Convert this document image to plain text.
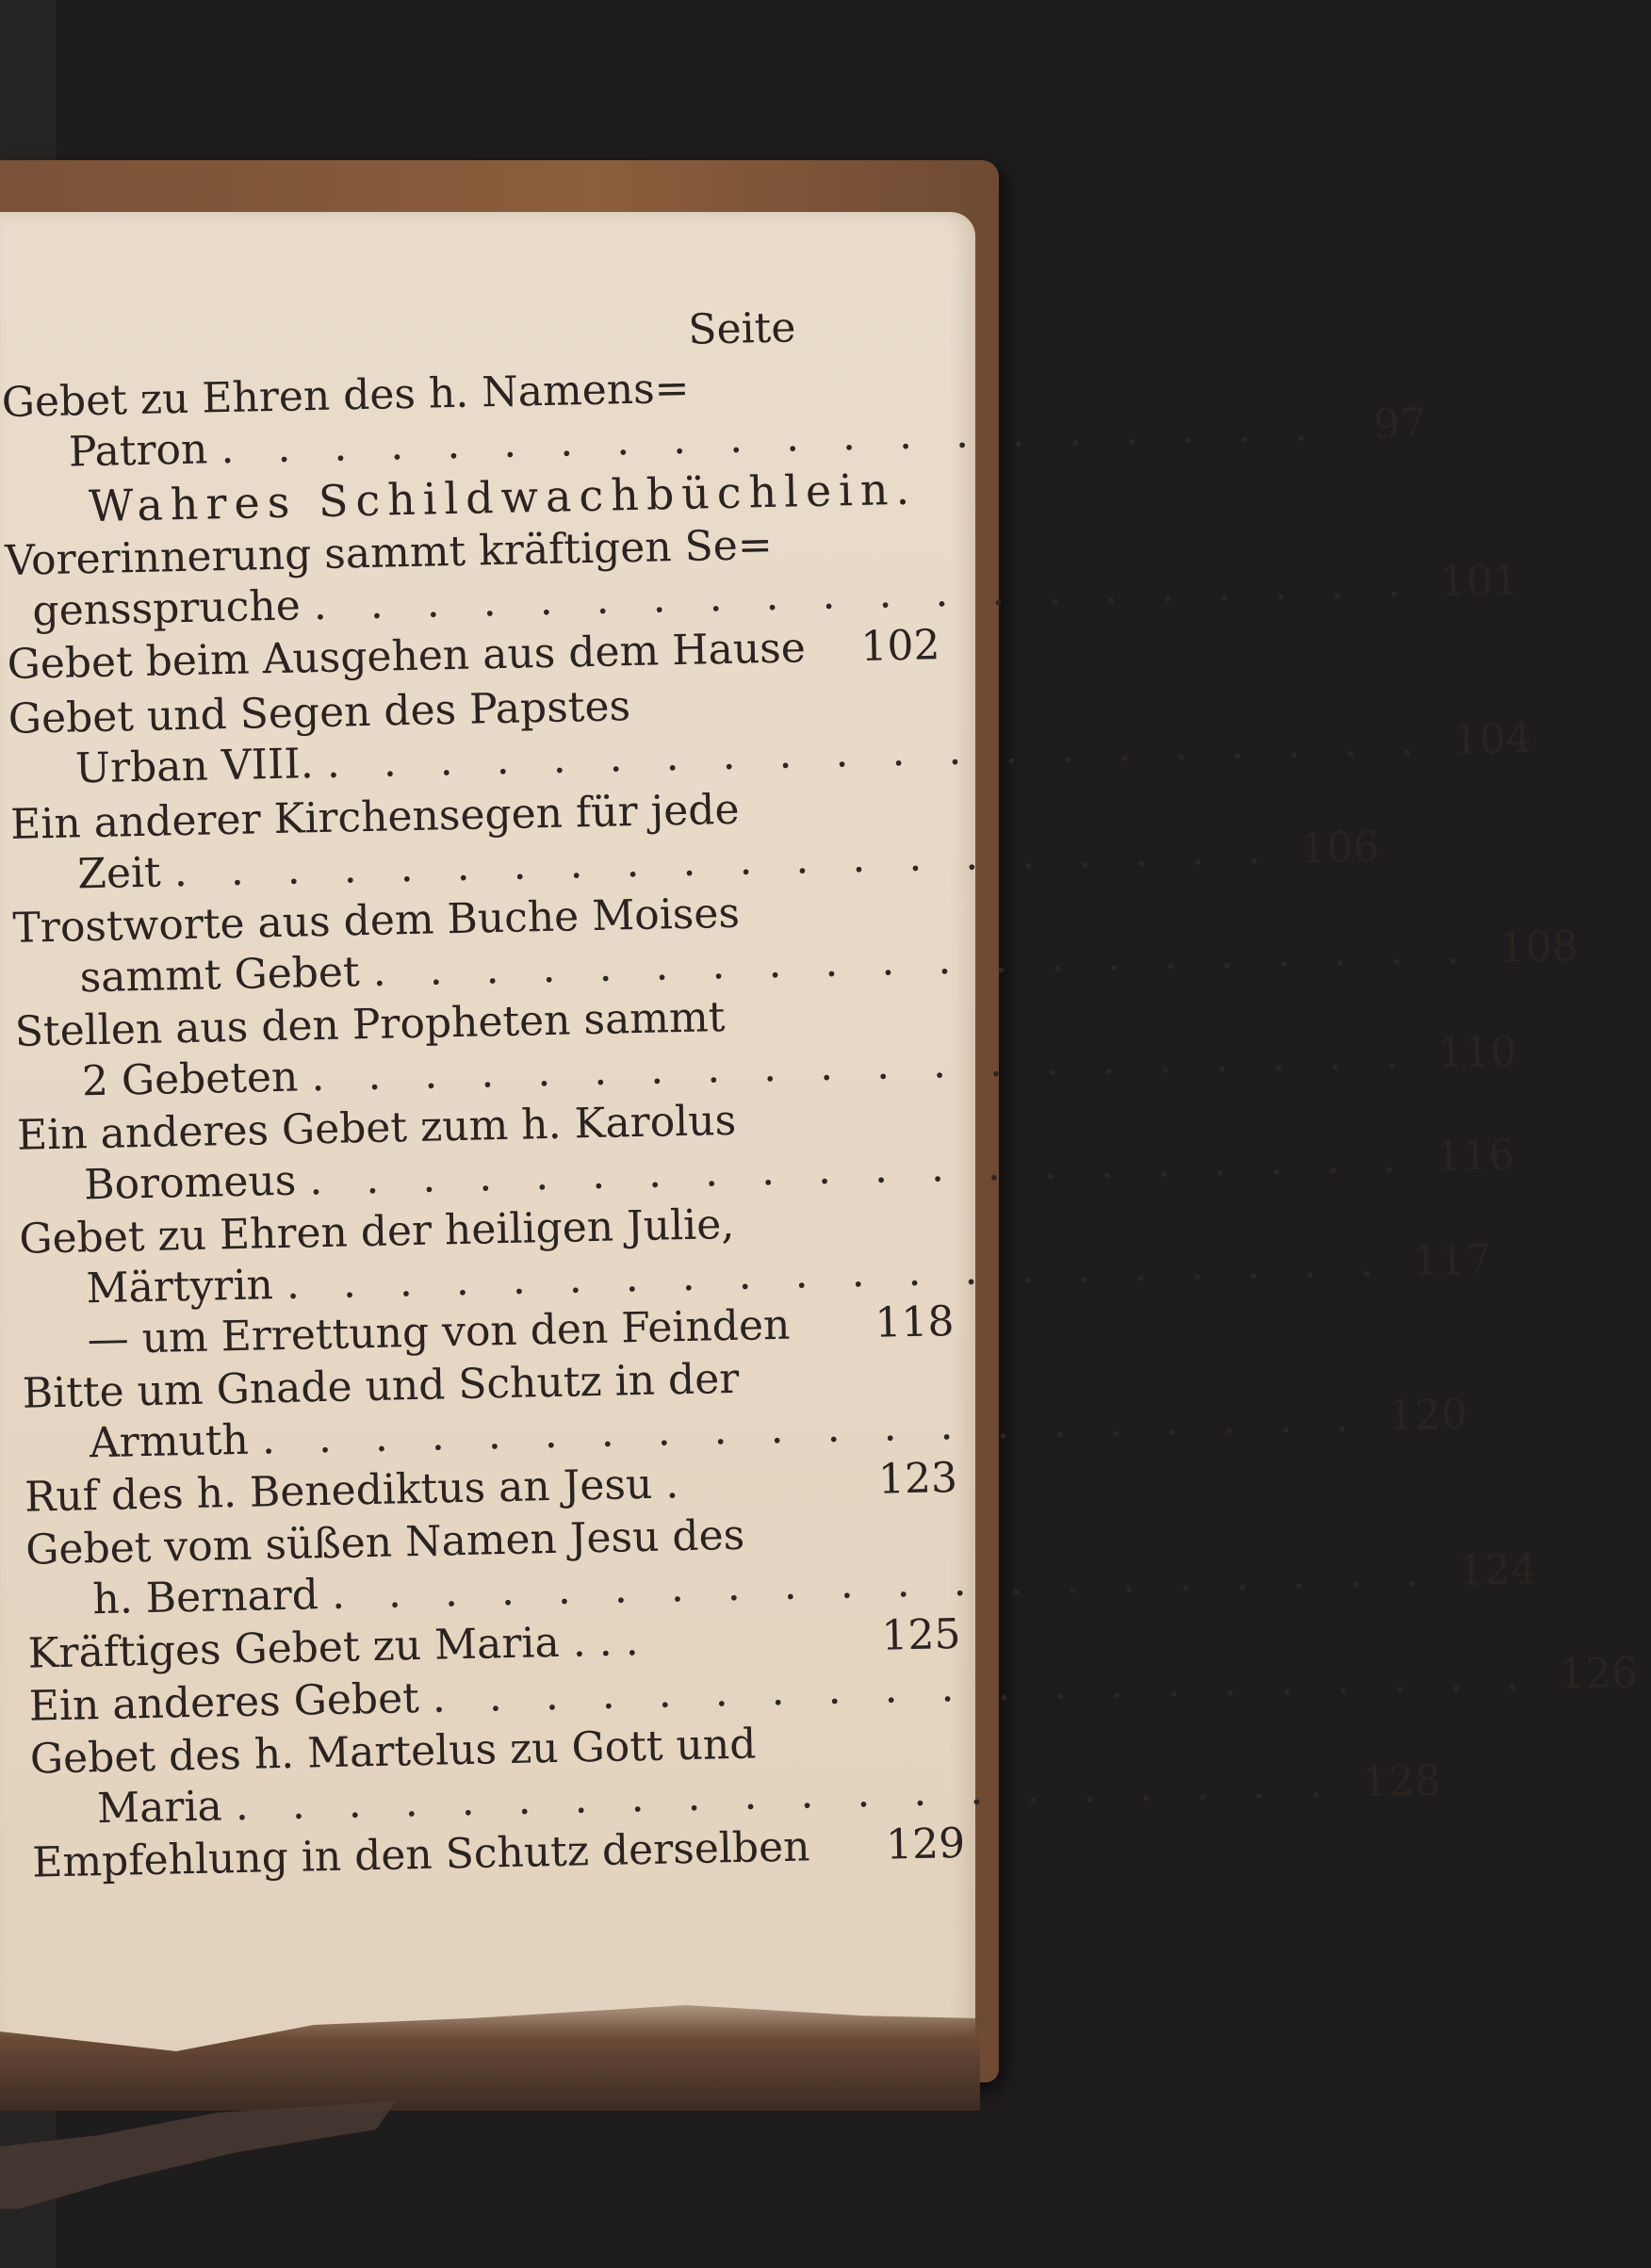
Seite
Gebet zu Ehren des h. Namens=
Patron . . . . . . . . . . . . . . . . . . . .	97
Wahres Schildwachbüchlein.
Vorerinnerung sammt kräftigen Se=
gensspruche . . . . . . . . . . . . . . . . . . . . 101
Gebet beim Ausgehen aus dem Hause	102
Gebet und Segen des Papstes
Urban VIII. . . . . . . . . . . . . . . . . . . . . 104
Ein anderer Kirchensegen für jede
Zeit . . . . . . . . . . . . . . . . . . . . 106
Trostworte aus dem Buche Moises
sammt Gebet . . . . . . . . . . . . . . . . . . . . 108
Stellen aus den Propheten sammt
2 Gebeten . . . . . . . . . . . . . . . . . . . . 110
Ein anderes Gebet zum h. Karolus
Boromeus . . . . . . . . . . . . . . . . . . . . 116
Gebet zu Ehren der heiligen Julie,
Märtyrin . . . . . . . . . . . . . . . . . . . . 117
— um Errettung von den Feinden	118
Bitte um Gnade und Schutz in der
Armuth . . . . . . . . . . . . . . . . . . . . 120
Ruf des h. Benediktus an Jesu .	123
Gebet vom süßen Namen Jesu des
h. Bernard . . . . . . . . . . . . . . . . . . . . 124
Kräftiges Gebet zu Maria . . .	125
Ein anderes Gebet . . . . . . . . . . . . . . . . . . . . 126
Gebet des h. Martelus zu Gott und
Maria . . . . . . . . . . . . . . . . . . . . 128
Empfehlung in den Schutz derselben	129
